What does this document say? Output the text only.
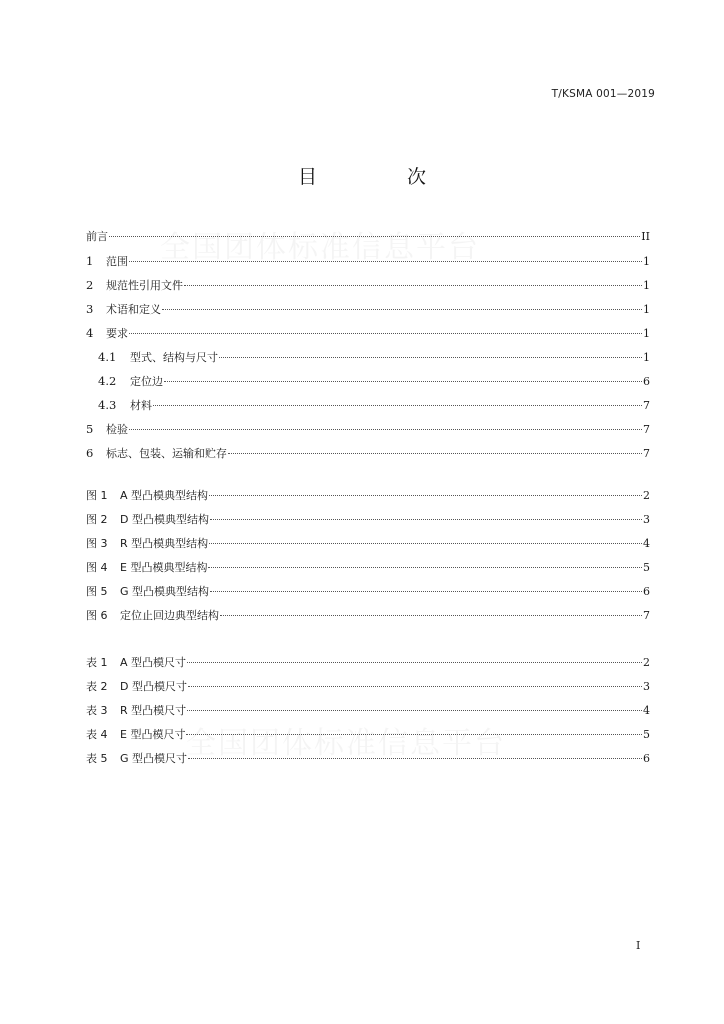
T/KSMA 001—2019
目 次
前言	II
1	范围	1
2	规范性引用文件	1
3	术语和定义	1
4	要求	1
4.1	型式、结构与尺寸	1
4.2	定位边	6
4.3	材料	7
5	检验	7
6	标志、包装、运输和贮存	7
图 1	A 型凸模典型结构	2
图 2	D 型凸模典型结构	3
图 3	R 型凸模典型结构	4
图 4	E 型凸模典型结构	5
图 5	G 型凸模典型结构	6
图 6	定位止回边典型结构	7
表 1	A 型凸模尺寸	2
表 2	D 型凸模尺寸	3
表 3	R 型凸模尺寸	4
表 4	E 型凸模尺寸	5
表 5	G 型凸模尺寸	6
I
